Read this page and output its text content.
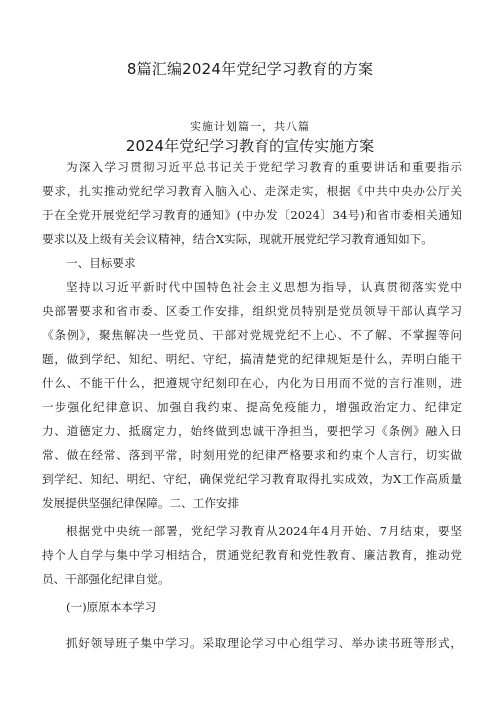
8篇汇编2024年党纪学习教育的方案
实施计划篇一，共八篇
2024年党纪学习教育的宣传实施方案
为深入学习贯彻习近平总书记关于党纪学习教育的重要讲话和重要指示
要求，扎实推动党纪学习教育入脑入心、走深走实，根据《中共中央办公厅关
于在全党开展党纪学习教育的通知》(中办发〔2024〕34号)和省市委相关通知
要求以及上级有关会议精神，结合X实际，现就开展党纪学习教育通知如下。
一、目标要求
坚持以习近平新时代中国特色社会主义思想为指导，认真贯彻落实党中
央部署要求和省市委、区委工作安排，组织党员特别是党员领导干部认真学习
《条例》，聚焦解决一些党员、干部对党规党纪不上心、不了解、不掌握等问
题，做到学纪、知纪、明纪、守纪，搞清楚党的纪律规矩是什么，弄明白能干
什么、不能干什么，把遵规守纪刻印在心，内化为日用而不觉的言行准则，进
一步强化纪律意识、加强自我约束、提高免疫能力，增强政治定力、纪律定
力、道德定力、抵腐定力，始终做到忠诚干净担当，要把学习《条例》融入日
常、做在经常、落到平常，时刻用党的纪律严格要求和约束个人言行，切实做
到学纪、知纪、明纪、守纪，确保党纪学习教育取得扎实成效，为X工作高质量
发展提供坚强纪律保障。二、工作安排
根据党中央统一部署，党纪学习教育从2024年4月开始、7月结束，要坚
持个人自学与集中学习相结合，贯通党纪教育和党性教育、廉洁教育，推动党
员、干部强化纪律自觉。
(一)原原本本学习
抓好领导班子集中学习。采取理论学习中心组学习、举办读书班等形式，
